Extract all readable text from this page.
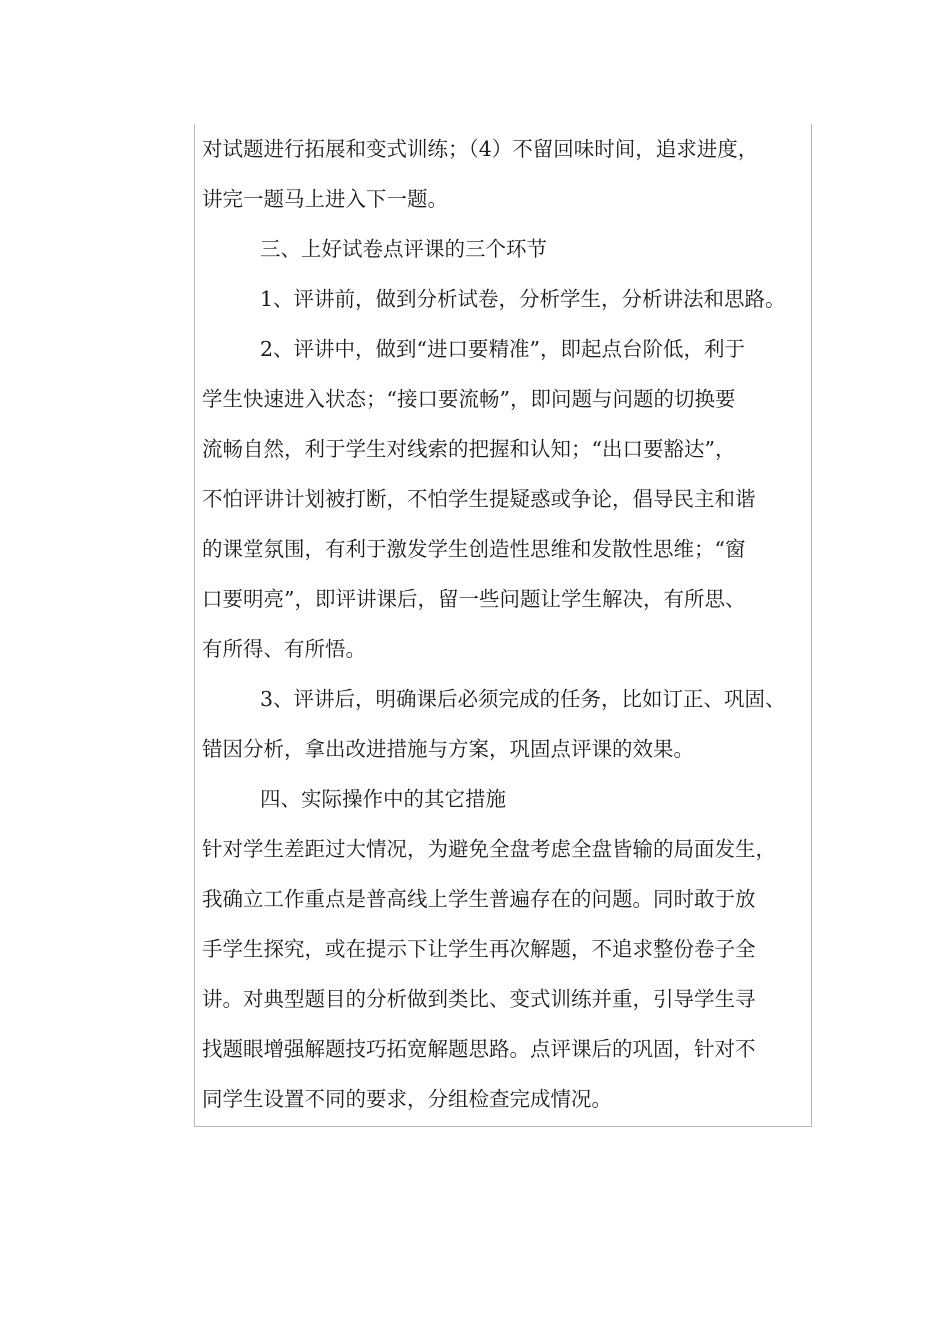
对试题进行拓展和变式训练；（4）不留回味时间，追求进度，
讲完一题马上进入下一题。
三、上好试卷点评课的三个环节
1、评讲前，做到分析试卷，分析学生，分析讲法和思路。
2、评讲中，做到“进口要精准”，即起点台阶低，利于
学生快速进入状态；“接口要流畅”，即问题与问题的切换要
流畅自然，利于学生对线索的把握和认知；“出口要豁达”，
不怕评讲计划被打断，不怕学生提疑惑或争论，倡导民主和谐
的课堂氛围，有利于激发学生创造性思维和发散性思维；“窗
口要明亮”，即评讲课后，留一些问题让学生解决，有所思、
有所得、有所悟。
3、评讲后，明确课后必须完成的任务，比如订正、巩固、
错因分析，拿出改进措施与方案，巩固点评课的效果。
四、实际操作中的其它措施
针对学生差距过大情况，为避免全盘考虑全盘皆输的局面发生，
我确立工作重点是普高线上学生普遍存在的问题。同时敢于放
手学生探究，或在提示下让学生再次解题，不追求整份卷子全
讲。对典型题目的分析做到类比、变式训练并重，引导学生寻
找题眼增强解题技巧拓宽解题思路。点评课后的巩固，针对不
同学生设置不同的要求，分组检查完成情况。
